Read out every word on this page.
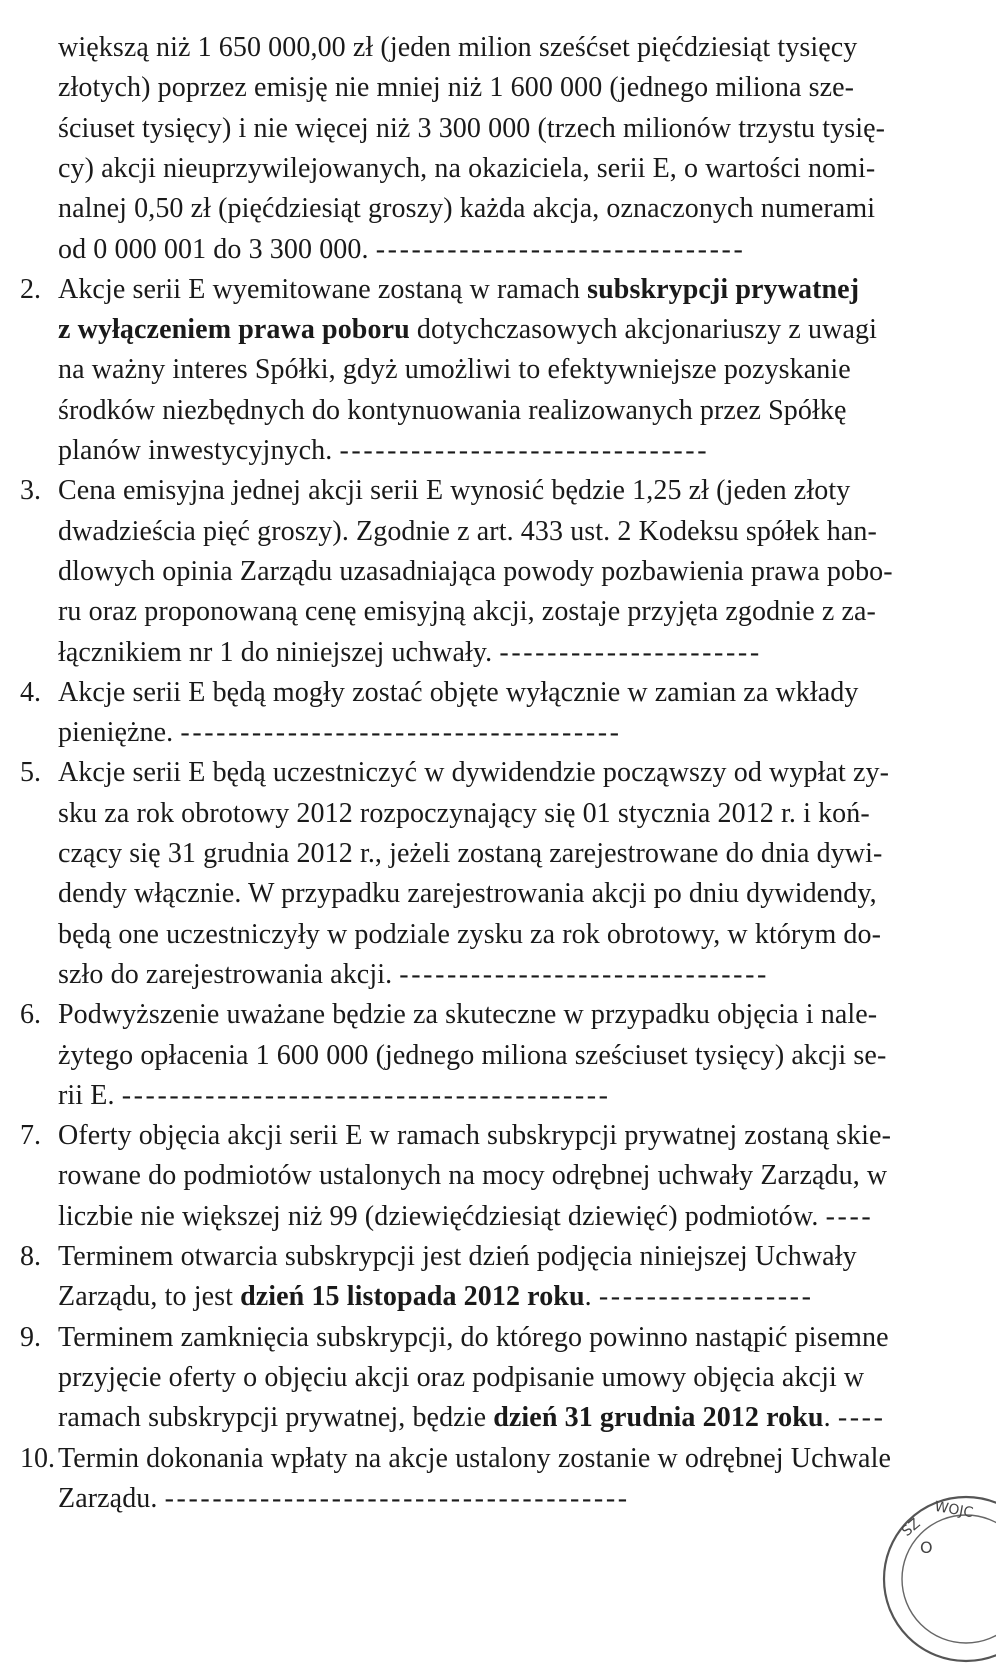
większą niż 1 650 000,00 zł (jeden milion sześćset pięćdziesiąt tysięcy
złotych) poprzez emisję nie mniej niż 1 600 000 (jednego miliona sze-
ściuset tysięcy) i nie więcej niż 3 300 000 (trzech milionów trzystu tysię-
cy) akcji nieuprzywilejowanych, na okaziciela, serii E, o wartości nomi-
nalnej 0,50 zł (pięćdziesiąt groszy) każda akcja, oznaczonych numerami
od 0 000 001 do 3 300 000. -------------------------------
2. Akcje serii E wyemitowane zostaną w ramach subskrypcji prywatnej
z wyłączeniem prawa poboru dotychczasowych akcjonariuszy z uwagi
na ważny interes Spółki, gdyż umożliwi to efektywniejsze pozyskanie
środków niezbędnych do kontynuowania realizowanych przez Spółkę
planów inwestycyjnych. -------------------------------
3. Cena emisyjna jednej akcji serii E wynosić będzie 1,25 zł (jeden złoty
dwadzieścia pięć groszy). Zgodnie z art. 433 ust. 2 Kodeksu spółek han-
dlowych opinia Zarządu uzasadniająca powody pozbawienia prawa pobo-
ru oraz proponowaną cenę emisyjną akcji, zostaje przyjęta zgodnie z za-
łącznikiem nr 1 do niniejszej uchwały. ----------------------
4. Akcje serii E będą mogły zostać objęte wyłącznie w zamian za wkłady
pieniężne. -------------------------------------
5. Akcje serii E będą uczestniczyć w dywidendzie począwszy od wypłat zy-
sku za rok obrotowy 2012 rozpoczynający się 01 stycznia 2012 r. i koń-
czący się 31 grudnia 2012 r., jeżeli zostaną zarejestrowane do dnia dywi-
dendy włącznie. W przypadku zarejestrowania akcji po dniu dywidendy,
będą one uczestniczyły w podziale zysku za rok obrotowy, w którym do-
szło do zarejestrowania akcji. -------------------------------
6. Podwyższenie uważane będzie za skuteczne w przypadku objęcia i nale-
żytego opłacenia 1 600 000 (jednego miliona sześciuset tysięcy) akcji se-
rii E. -----------------------------------------
7. Oferty objęcia akcji serii E w ramach subskrypcji prywatnej zostaną skie-
rowane do podmiotów ustalonych na mocy odrębnej uchwały Zarządu, w
liczbie nie większej niż 99 (dziewięćdziesiąt dziewięć) podmiotów. ----
8. Terminem otwarcia subskrypcji jest dzień podjęcia niniejszej Uchwały
Zarządu, to jest dzień 15 listopada 2012 roku. ------------------
9. Terminem zamknięcia subskrypcji, do którego powinno nastąpić pisemne
przyjęcie oferty o objęciu akcji oraz podpisanie umowy objęcia akcji w
ramach subskrypcji prywatnej, będzie dzień 31 grudnia 2012 roku. ----
10. Termin dokonania wpłaty na akcje ustalony zostanie w odrębnej Uchwale
Zarządu. ---------------------------------------
SZ
WOJC
O
